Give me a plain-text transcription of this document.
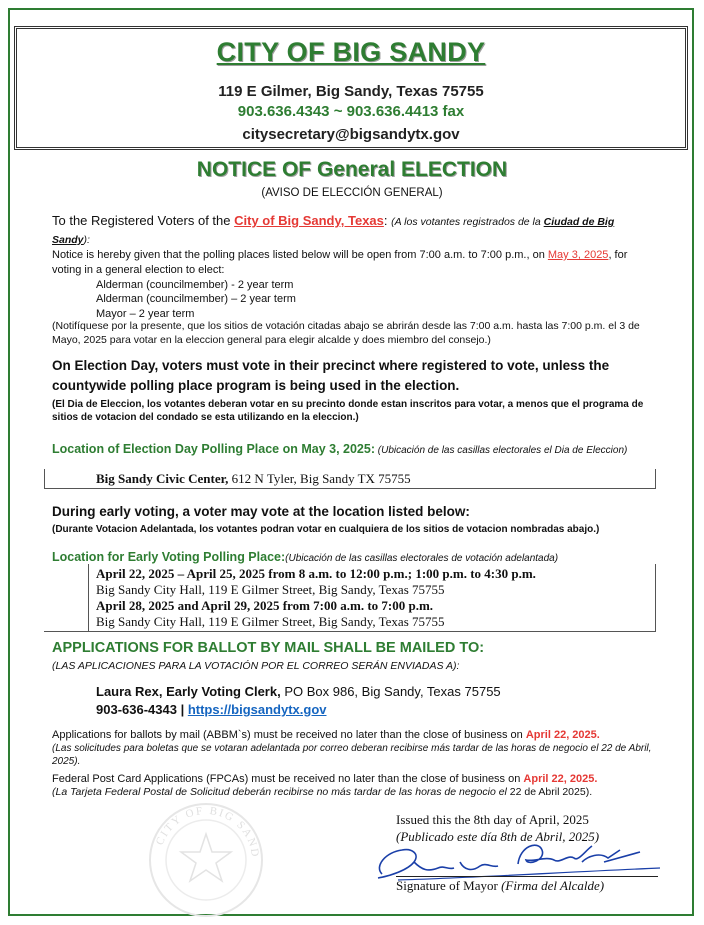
CITY OF BIG SANDY
119 E Gilmer, Big Sandy, Texas 75755
903.636.4343 ~ 903.636.4413 fax
citysecretary@bigsandytx.gov
NOTICE OF General ELECTION
(AVISO DE ELECCIÓN GENERAL)
To the Registered Voters of the City of Big Sandy, Texas: (A los votantes registrados de la Ciudad de Big Sandy):
Notice is hereby given that the polling places listed below will be open from 7:00 a.m. to 7:00 p.m., on May 3, 2025, for voting in a general election to elect:
Alderman (councilmember) - 2 year term
Alderman (councilmember) – 2 year term
Mayor – 2 year term
(Notifíquese por la presente, que los sitios de votación citadas abajo se abrirán desde las 7:00 a.m. hasta las 7:00 p.m. el 3 de Mayo, 2025 para votar en la eleccion general para elegir alcalde y does miembro del consejo.)
On Election Day, voters must vote in their precinct where registered to vote, unless the countywide polling place program is being used in the election.
(El Dia de Eleccion, los votantes deberan votar en su precinto donde estan inscritos para votar, a menos que el programa de sitios de votacion del condado se esta utilizando en la eleccion.)
Location of Election Day Polling Place on May 3, 2025: (Ubicación de las casillas electorales el Dia de Eleccion)
Big Sandy Civic Center, 612 N Tyler, Big Sandy TX 75755
During early voting, a voter may vote at the location listed below:
(Durante Votacion Adelantada, los votantes podran votar en cualquiera de los sitios de votacion nombradas abajo.)
Location for Early Voting Polling Place:(Ubicación de las casillas electorales de votación adelantada)
April 22, 2025 – April 25, 2025 from 8 a.m. to 12:00 p.m.; 1:00 p.m. to 4:30 p.m.
Big Sandy City Hall, 119 E Gilmer Street, Big Sandy, Texas 75755
April 28, 2025 and April 29, 2025 from 7:00 a.m. to 7:00 p.m.
Big Sandy City Hall, 119 E Gilmer Street, Big Sandy, Texas 75755
APPLICATIONS FOR BALLOT BY MAIL SHALL BE MAILED TO:
(LAS APLICACIONES PARA LA VOTACIÓN POR EL CORREO SERÁN ENVIADAS A):
Laura Rex, Early Voting Clerk, PO Box 986, Big Sandy, Texas 75755
903-636-4343 | https://bigsandytx.gov
Applications for ballots by mail (ABBM`s) must be received no later than the close of business on April 22, 2025.
(Las solicitudes para boletas que se votaran adelantada por correo deberan recibirse más tardar de las horas de negocio el 22 de Abril, 2025).
Federal Post Card Applications (FPCAs) must be received no later than the close of business on April 22, 2025.
(La Tarjeta Federal Postal de Solicitud deberán recibirse no más tardar de las horas de negocio el 22 de Abril 2025).
CITY OF BIG SAND
Issued this the 8th day of April, 2025
(Publicado este día 8th de Abril, 2025)
Signature of Mayor (Firma del Alcalde)
